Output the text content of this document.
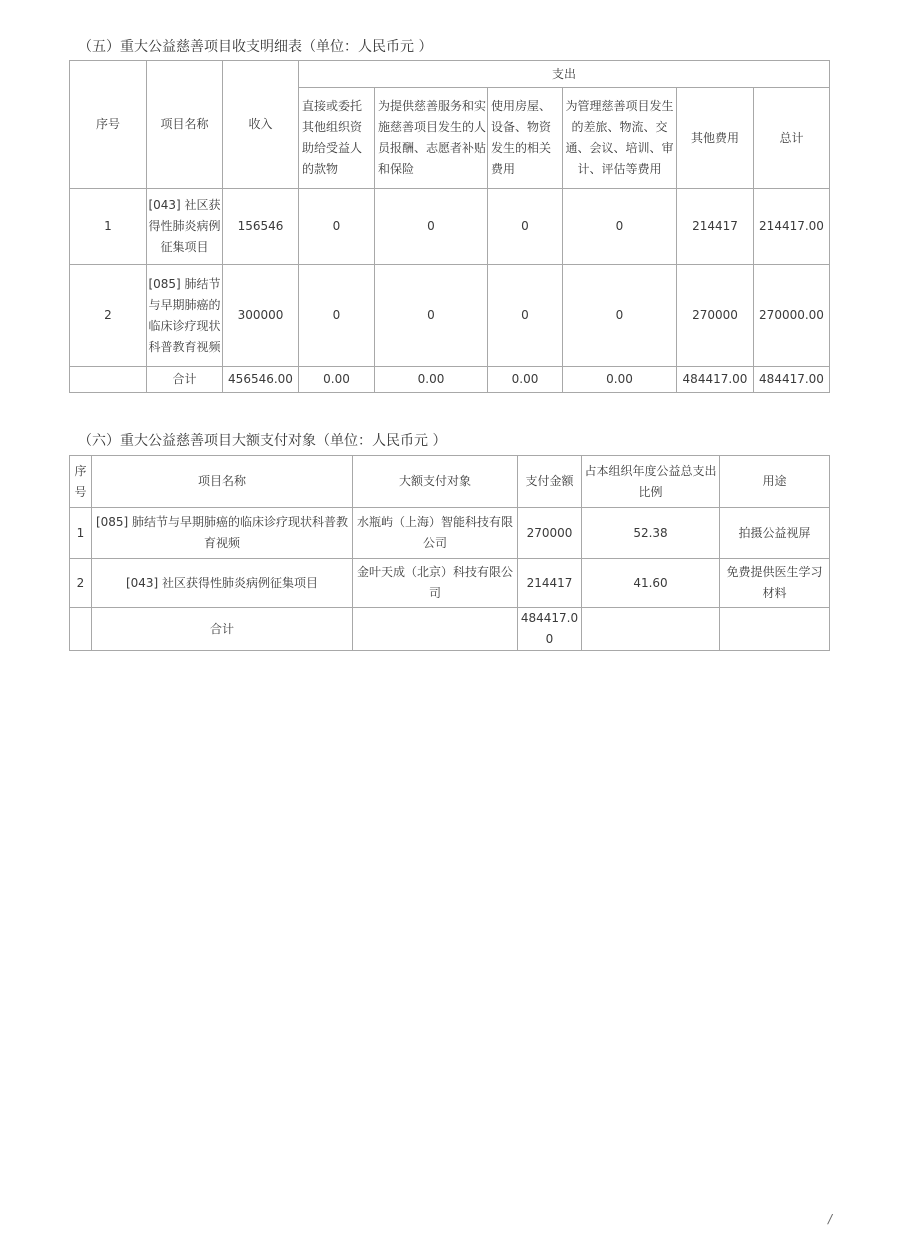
（五）重大公益慈善项目收支明细表（单位：人民币元 ）
序号	项目名称	收入	支出					
			直接或委托其他组织资助给受益人的款物	为提供慈善服务和实施慈善项目发生的人员报酬、志愿者补贴和保险	使用房屋、设备、物资发生的相关费用	为管理慈善项目发生的差旅、物流、交通、会议、培训、审计、评估等费用	其他费用	总计
1	[043] 社区获得性肺炎病例征集项目	156546	0	0	0	0	214417	214417.00
2	[085] 肺结节与早期肺癌的临床诊疗现状科普教育视频	300000	0	0	0	0	270000	270000.00
	合计	456546.00	0.00	0.00	0.00	0.00	484417.00	484417.00
（六）重大公益慈善项目大额支付对象（单位：人民币元 ）
序号	项目名称	大额支付对象	支付金额	占本组织年度公益总支出比例	用途
1	[085] 肺结节与早期肺癌的临床诊疗现状科普教育视频	水瓶屿（上海）智能科技有限公司	270000	52.38	拍摄公益视屏
2	[043] 社区获得性肺炎病例征集项目	金叶天成（北京）科技有限公司	214417	41.60	免费提供医生学习材料
	合计		484417.00		
/
